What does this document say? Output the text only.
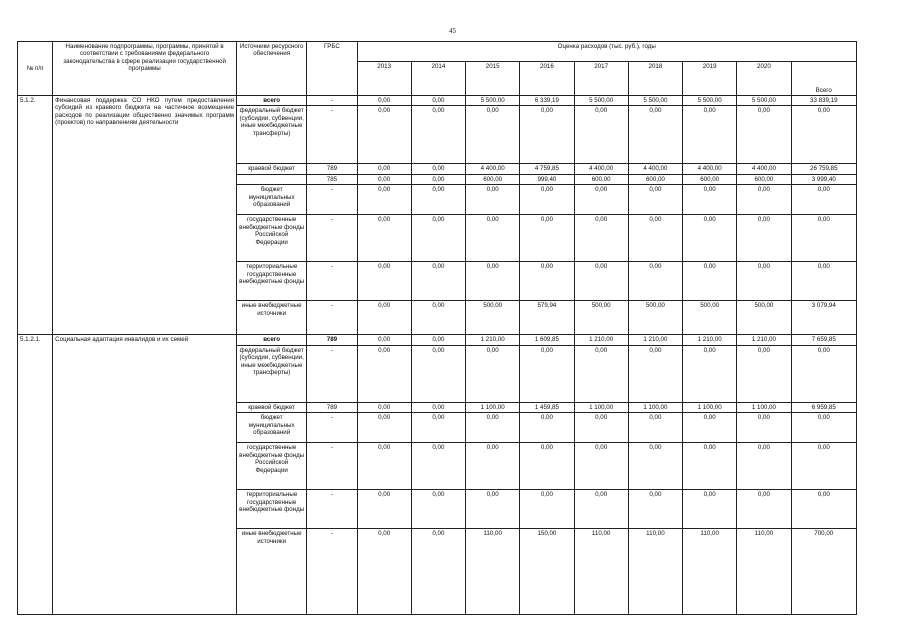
45
№ п/п	Наименование подпрограммы, программы, принятой в соответствии с требованиями федерального законодательства в сфере реализации государственной программы	Источники ресурсного обеспечения	ГРБС	Оценка расходов (тыс. руб.), годы								
				2013	2014	2015	2016	2017	2018	2019	2020	Всего
5.1.2.	Финансовая поддержка СО НКО путем предоставления субсидий из краевого бюджета на частичное возмещение расходов по реализации общественно значимых программ (проектов) по направлениям деятельности	всего	-	0,00	0,00	5 500,00	6 339,19	5 500,00	5 500,00	5 500,00	5 500,00	33 839,19
		федеральный бюджет (субсидии, субвенции, иные межбюджетные трансферты)	-	0,00	0,00	0,00	0,00	0,00	0,00	0,00	0,00	0,00
		краевой бюджет	789	0,00	0,00	4 400,00	4 759,85	4 400,00	4 400,00	4 400,00	4 400,00	26 759,85
			785	0,00	0,00	600,00	999,40	600,00	600,00	600,00	600,00	3 999,40
		бюджет муниципальных образований	-	0,00	0,00	0,00	0,00	0,00	0,00	0,00	0,00	0,00
		государственные внебюджетные фонды Российской Федерации	-	0,00	0,00	0,00	0,00	0,00	0,00	0,00	0,00	0,00
		территориальные государственные внебюджетные фонды	-	0,00	0,00	0,00	0,00	0,00	0,00	0,00	0,00	0,00
		иные внебюджетные источники	-	0,00	0,00	500,00	579,94	500,00	500,00	500,00	500,00	3 079,94
5.1.2.1.	Социальная адаптация инвалидов и их семей	всего	789	0,00	0,00	1 210,00	1 609,85	1 210,00	1 210,00	1 210,00	1 210,00	7 659,85
		федеральный бюджет (субсидии, субвенции, иные межбюджетные трансферты)	-	0,00	0,00	0,00	0,00	0,00	0,00	0,00	0,00	0,00
		краевой бюджет	789	0,00	0,00	1 100,00	1 459,85	1 100,00	1 100,00	1 100,00	1 100,00	6 959,85
		бюджет муниципальных образований	-	0,00	0,00	0,00	0,00	0,00	0,00	0,00	0,00	0,00
		государственные внебюджетные фонды Российской Федерации	-	0,00	0,00	0,00	0,00	0,00	0,00	0,00	0,00	0,00
		территориальные государственные внебюджетные фонды	-	0,00	0,00	0,00	0,00	0,00	0,00	0,00	0,00	0,00
		иные внебюджетные источники	-	0,00	0,00	110,00	150,00	110,00	110,00	110,00	110,00	700,00
